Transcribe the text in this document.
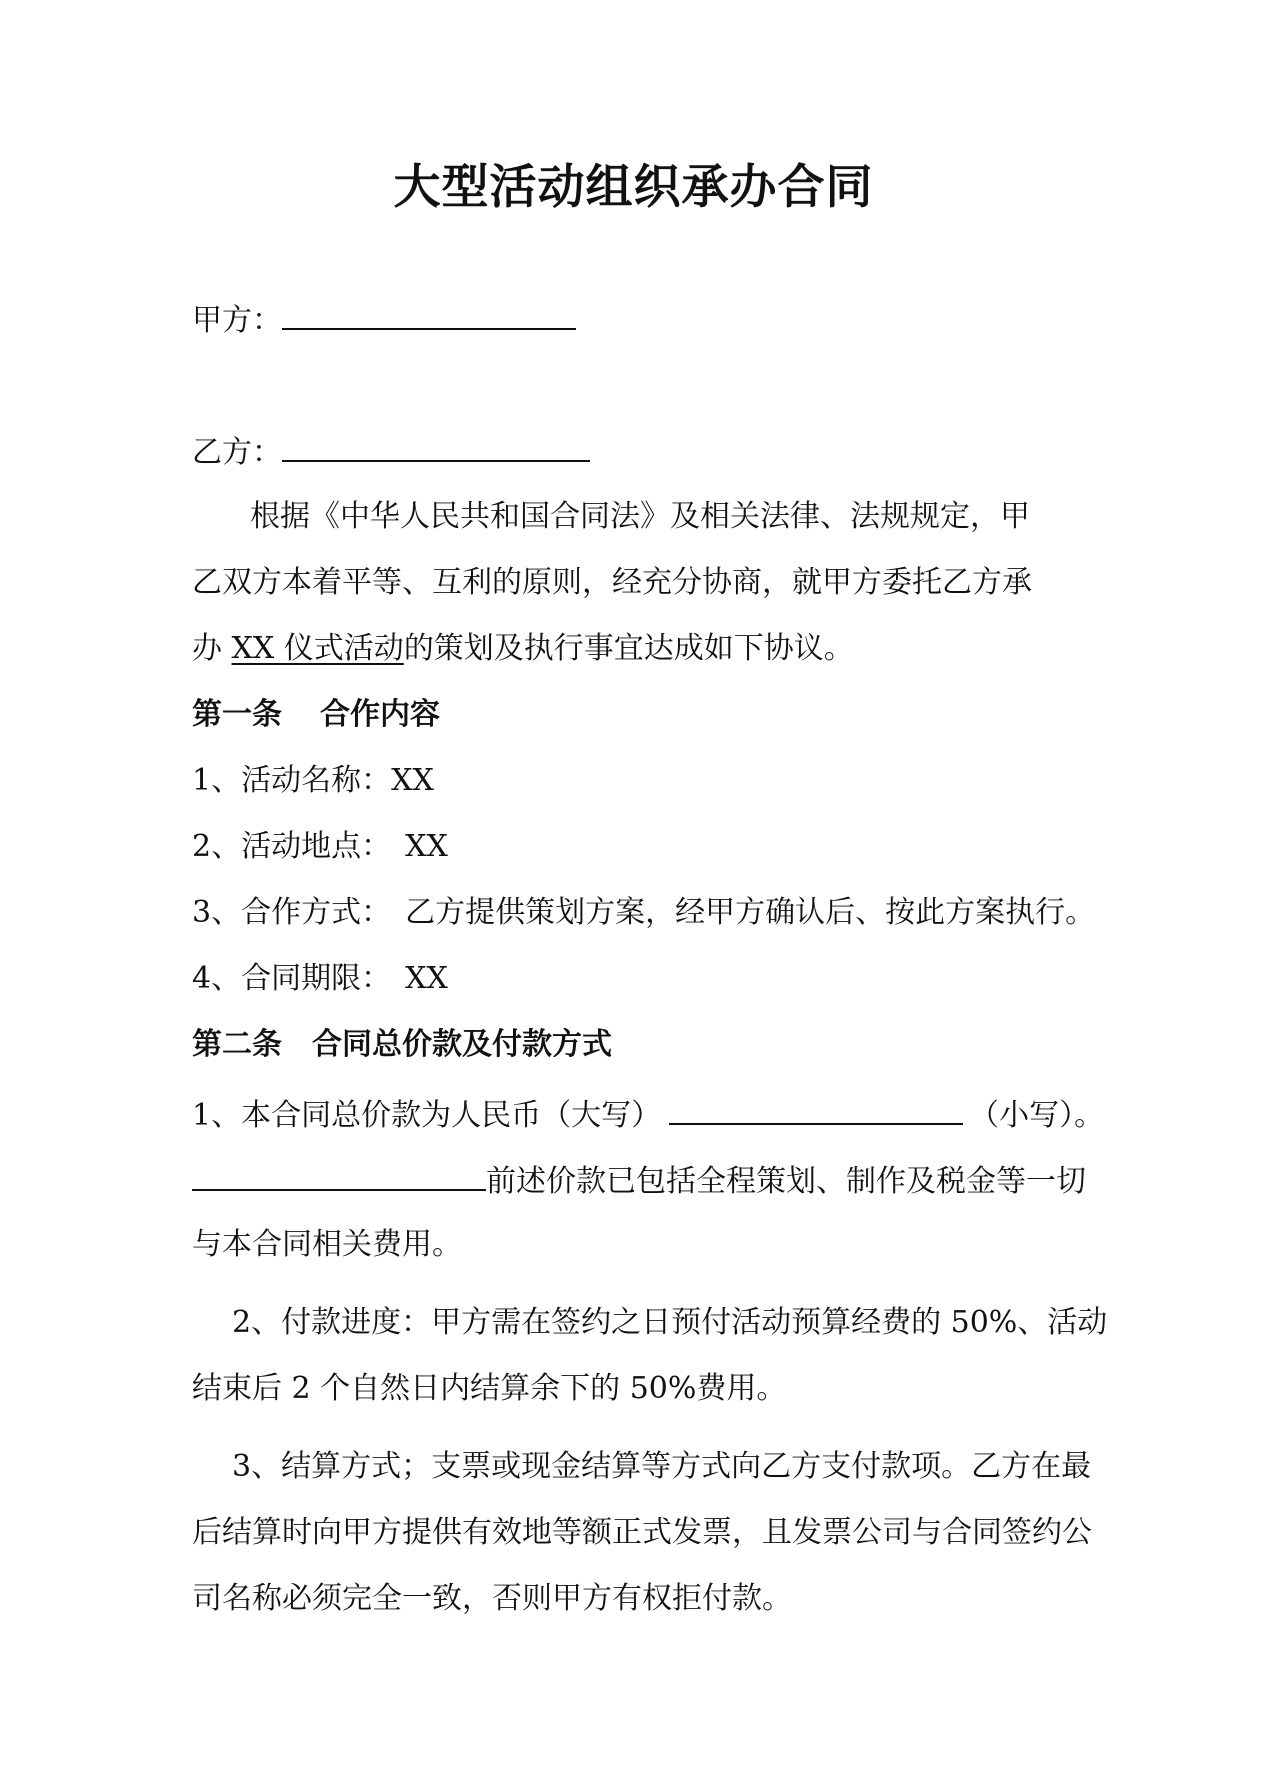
大型活动组织承办合同
甲方：
乙方：
根据《中华人民共和国合同法》及相关法律、法规规定，甲
乙双方本着平等、互利的原则，经充分协商，就甲方委托乙方承
办 XX 仪式活动的策划及执行事宜达成如下协议。
第一条 合作内容
1、活动名称：XX
2、活动地点： XX
3、合作方式： 乙方提供策划方案，经甲方确认后、按此方案执行。
4、合同期限： XX
第二条 合同总价款及付款方式
1、本合同总价款为人民币（大写）	（小写）。
前述价款已包括全程策划、制作及税金等一切
与本合同相关费用。
2、付款进度：甲方需在签约之日预付活动预算经费的 50%、活动
结束后 2 个自然日内结算余下的 50%费用。
3、结算方式；支票或现金结算等方式向乙方支付款项。乙方在最
后结算时向甲方提供有效地等额正式发票，且发票公司与合同签约公
司名称必须完全一致，否则甲方有权拒付款。
